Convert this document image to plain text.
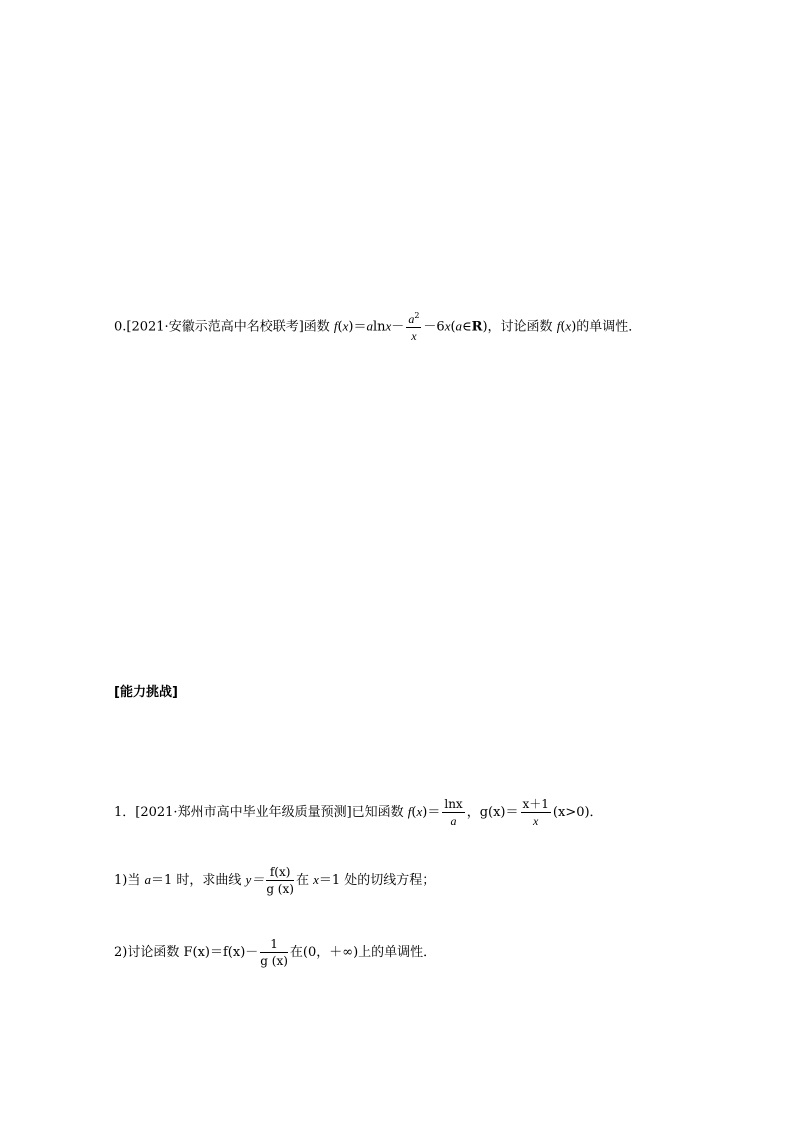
0.[2021·安徽示范高中名校联考]函数 $f(x)=alnx- \frac{a^2}{x}$ －6x(a∈R)，讨论函数 f(x)的单调性．
[能力挑战]
1．[2021·郑州市高中毕业年级质量预测]已知函数 $f(x)= \frac{\ln x}{a}$ ，$g(x)= \frac{x+1}{x} (x>0)$．
1)当 a＝1 时，求曲线 $y= \frac{f(x)}{g (x)}$ 在 x＝1 处的切线方程；
2)讨论函数 $F(x)=f(x)- \frac{1}{g (x)}$ 在(0，＋∞)上的单调性．
